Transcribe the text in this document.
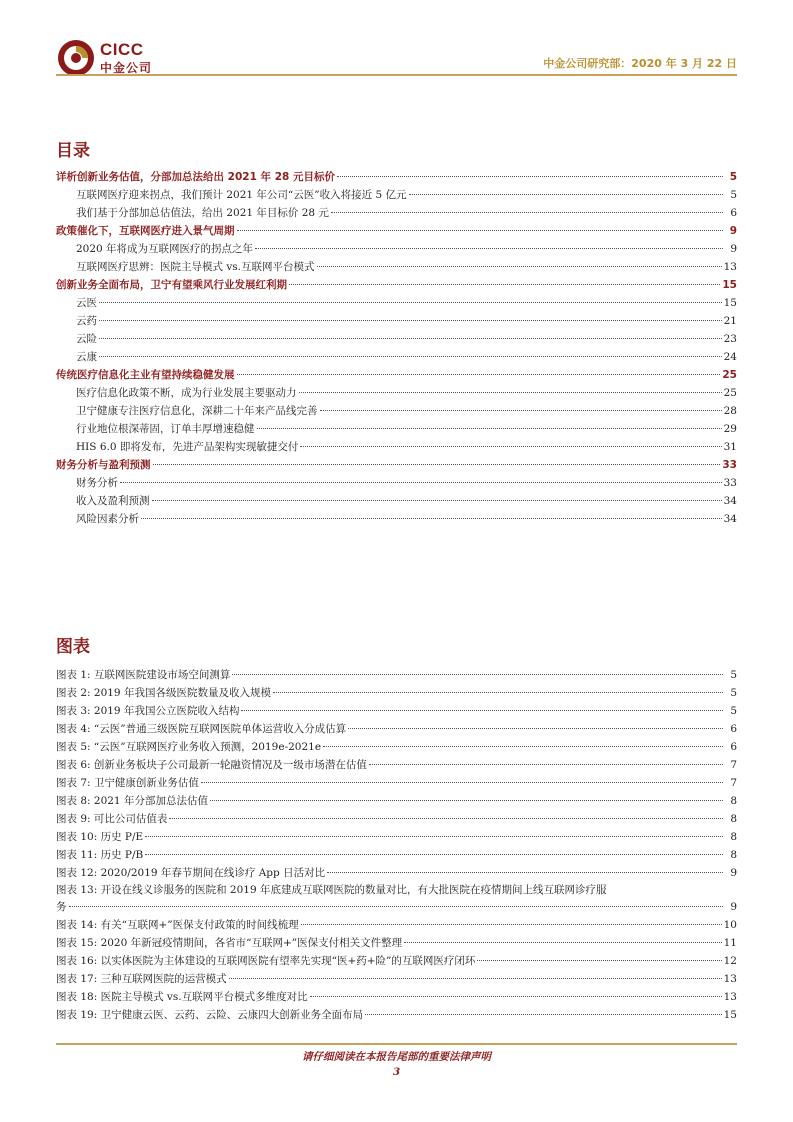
CICC
中金公司	中金公司研究部：2020 年 3 月 22 日
目录
详析创新业务估值，分部加总法给出 2021 年 28 元目标价	5
互联网医疗迎来拐点，我们预计 2021 年公司“云医”收入将接近 5 亿元	5
我们基于分部加总估值法，给出 2021 年目标价 28 元	6
政策催化下，互联网医疗进入景气周期	9
2020 年将成为互联网医疗的拐点之年	9
互联网医疗思辨：医院主导模式 vs.互联网平台模式	13
创新业务全面布局，卫宁有望乘风行业发展红利期	15
云医	15
云药	21
云险	23
云康	24
传统医疗信息化主业有望持续稳健发展	25
医疗信息化政策不断，成为行业发展主要驱动力	25
卫宁健康专注医疗信息化，深耕二十年来产品线完善	28
行业地位根深蒂固，订单丰厚增速稳健	29
HIS 6.0 即将发布，先进产品架构实现敏捷交付	31
财务分析与盈利预测	33
财务分析	33
收入及盈利预测	34
风险因素分析	34
图表
图表 1: 互联网医院建设市场空间测算	5
图表 2: 2019 年我国各级医院数量及收入规模	5
图表 3: 2019 年我国公立医院收入结构	5
图表 4: “云医”普通三级医院互联网医院单体运营收入分成估算	6
图表 5: “云医”互联网医疗业务收入预测，2019e-2021e	6
图表 6: 创新业务板块子公司最新一轮融资情况及一级市场潜在估值	7
图表 7: 卫宁健康创新业务估值	7
图表 8: 2021 年分部加总法估值	8
图表 9: 可比公司估值表	8
图表 10: 历史 P/E	8
图表 11: 历史 P/B	8
图表 12: 2020/2019 年春节期间在线诊疗 App 日活对比	9
图表 13: 开设在线义诊服务的医院和 2019 年底建成互联网医院的数量对比，有大批医院在疫情期间上线互联网诊疗服
务	9
图表 14: 有关“互联网+”医保支付政策的时间线梳理	10
图表 15: 2020 年新冠疫情期间，各省市“互联网+”医保支付相关文件整理	11
图表 16: 以实体医院为主体建设的互联网医院有望率先实现“医+药+险”的互联网医疗闭环	12
图表 17: 三种互联网医院的运营模式	13
图表 18: 医院主导模式 vs.互联网平台模式多维度对比	13
图表 19: 卫宁健康云医、云药、云险、云康四大创新业务全面布局	15
请仔细阅读在本报告尾部的重要法律声明
3
